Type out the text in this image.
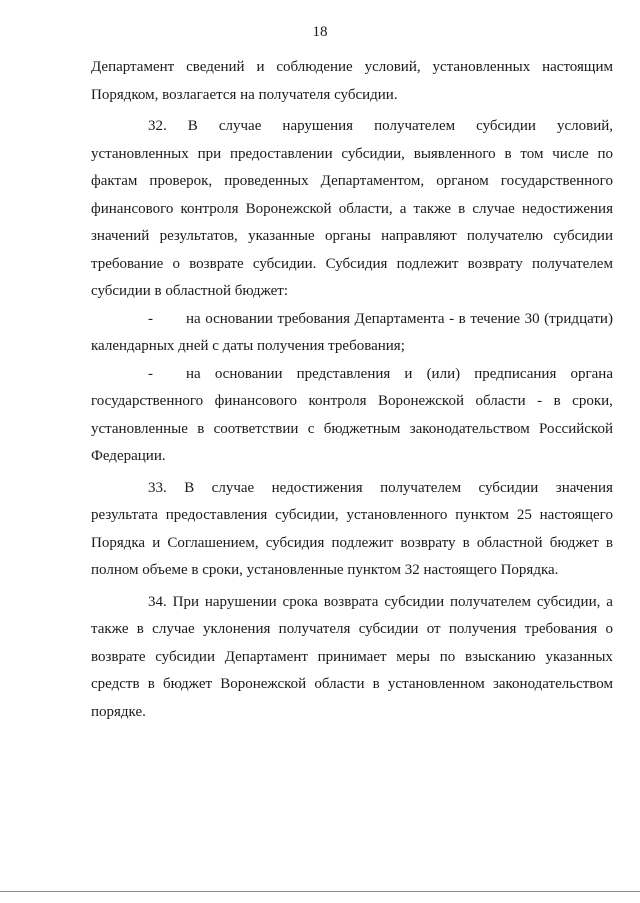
18
Департамент сведений и соблюдение условий, установленных настоящим
Порядком, возлагается на получателя субсидии.
32. В случае нарушения получателем субсидии условий,
установленных при предоставлении субсидии, выявленного в том числе по
фактам проверок, проведенных Департаментом, органом государственного
финансового контроля Воронежской области, а также в случае недостижения
значений результатов, указанные органы направляют получателю субсидии
требование о возврате субсидии. Субсидия подлежит возврату получателем
субсидии в областной бюджет:
-	на основании требования Департамента - в течение 30 (тридцати)
календарных дней с даты получения требования;
-	на основании представления и (или) предписания органа
государственного финансового контроля Воронежской области - в сроки,
установленные в соответствии с бюджетным законодательством Российской
Федерации.
33. В случае недостижения получателем субсидии значения
результата предоставления субсидии, установленного пунктом 25 настоящего
Порядка и Соглашением, субсидия подлежит возврату в областной бюджет в
полном объеме в сроки, установленные пунктом 32 настоящего Порядка.
34. При нарушении срока возврата субсидии получателем субсидии, а
также в случае уклонения получателя субсидии от получения требования о
возврате субсидии Департамент принимает меры по взысканию указанных
средств в бюджет Воронежской области в установленном законодательством
порядке.
